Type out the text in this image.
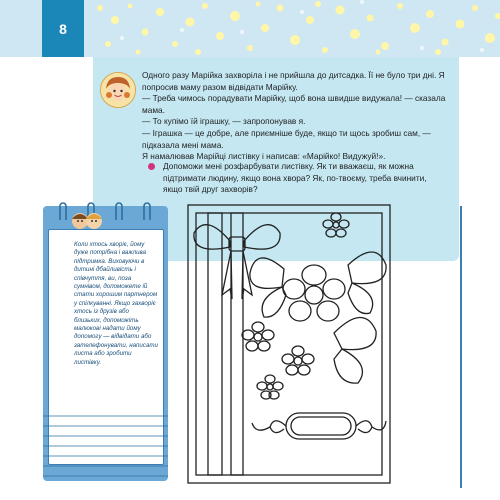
8

Одного разу Марійка захворіла і не прийшла до дитсадка. Її не було три дні. Я попросив маму разом відвідати Марійку.

— Треба чимось порадувати Марійку, щоб вона швидше видужала! — сказала мама.

— То купімо їй іграшку, — запропонував я.

— Іграшка — це добре, але приємніше буде, якщо ти щось зробиш сам, — підказала мені мама.

Я намалював Марійці листівку і написав: «Марійко! Видужуй!».

Допоможи мені розфарбувати листівку. Як ти вважаєш, як можна підтримати людину, якщо вона хвора? Як, по-твоєму, треба вчинити, якщо твій друг захворів?
Коли хтось хворіє, йому дуже потрібна і важлива підтримка. Виховуючи в дитині дбайливість і співчуття, ви, поза сумнівом, допоможете їй стати хорошим партнером у спілкуванні. Якщо захворіє хтось із друзів або близьких, допоможіть малюкові надати йому допомогу — відвідати або зателефонувати, написати листа або зробити листівку.
